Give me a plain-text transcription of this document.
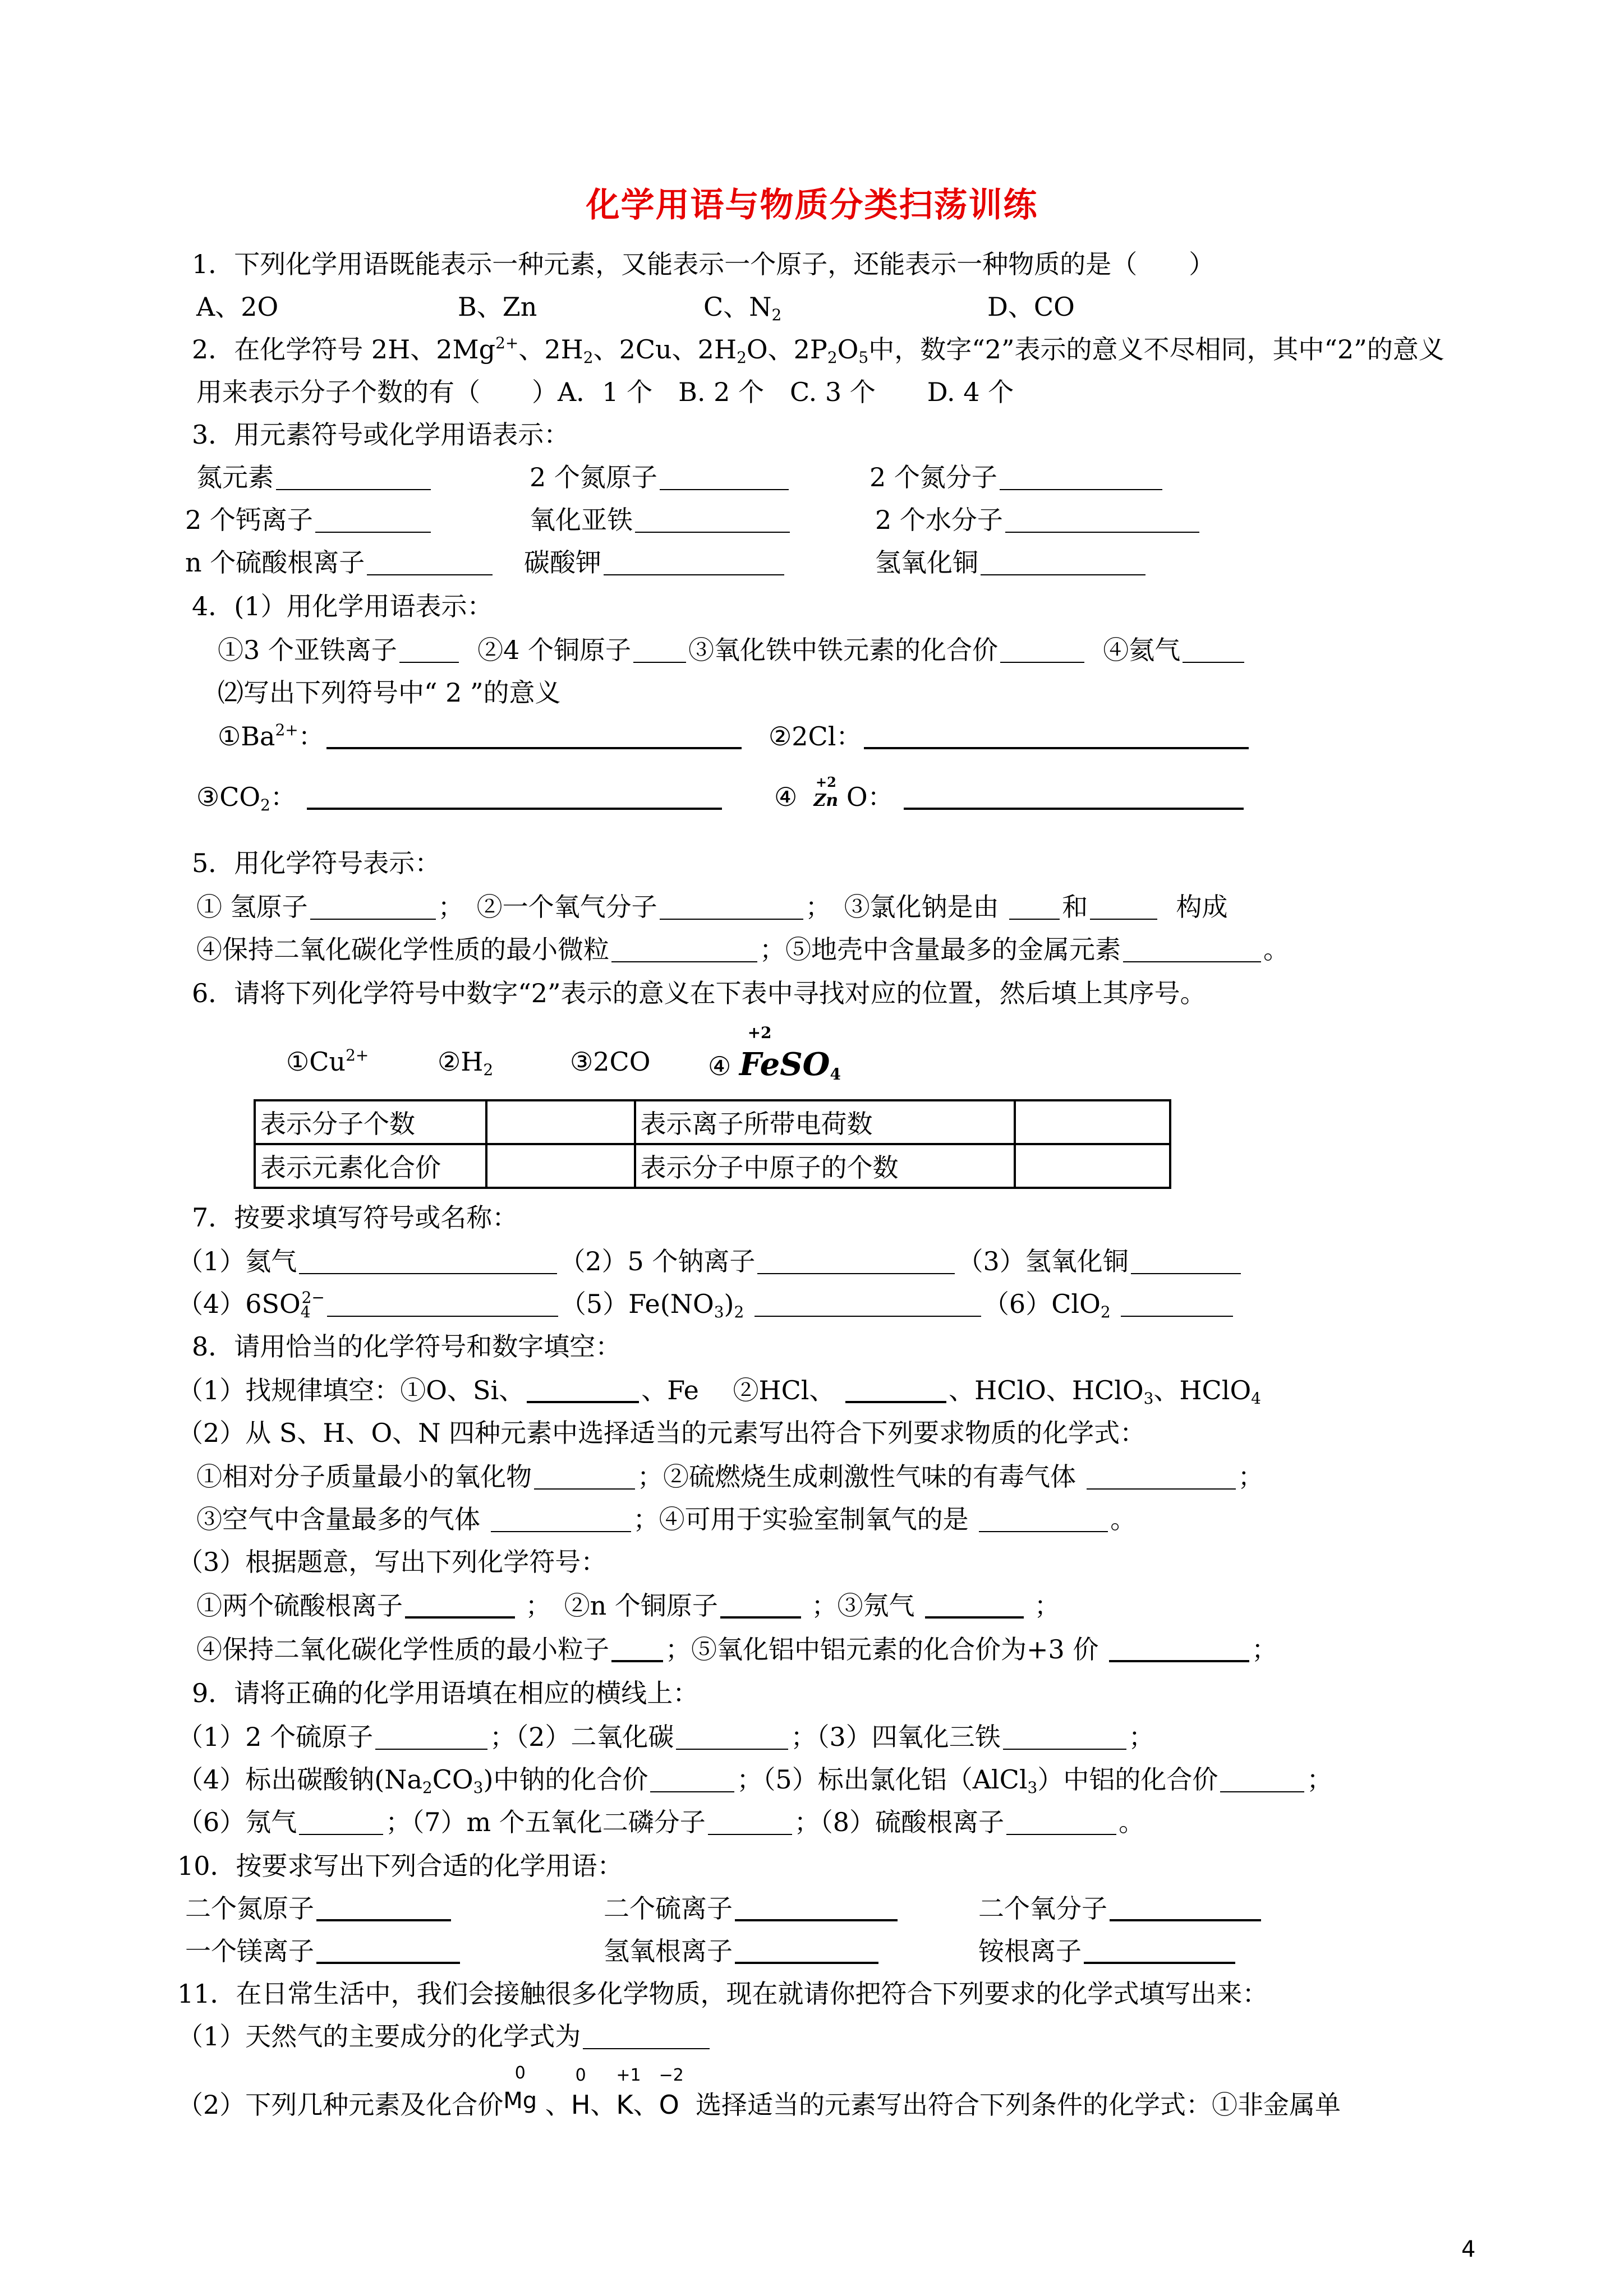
化学用语与物质分类扫荡训练
1．下列化学用语既能表示一种元素，又能表示一个原子，还能表示一种物质的是（　　）
A、2O	B、Zn	C、$N_2$	D、CO
2．在化学符号 2H、$2Mg^{2+}$、$2H_2$、2Cu、$2H_2O$、$2P_2O_5$中，数字“2”表示的意义不尽相同，其中“2”的意义
用来表示分子个数的有（　　）A．1 个　B. 2 个　C. 3 个　　D. 4 个
3．用元素符号或化学用语表示：
氮元素	2 个氮原子	2 个氮分子
2 个钙离子	氧化亚铁	2 个水分子
n 个硫酸根离子	碳酸钾	氢氧化铜
4．(1）用化学用语表示：
①3 个亚铁离子	②4 个铜原子 ③氧化铁中铁元素的化合价	④氦气
⑵写出下列符号中“ 2 ”的意义
$①Ba^{2+}$：	②2Cl：
$③CO_2$：	④ +2
Zn O：
5．用化学符号表示：
① 氢原子	；　②一个氧气分子	；　③氯化钠是由 和	构成
④保持二氧化碳化学性质的最小微粒	；⑤地壳中含量最多的金属元素	。
6．请将下列化学符号中数字“2”表示的意义在下表中寻找对应的位置，然后填上其序号。
$①Cu^{2+}$	$②H_2$	③2CO ④
+2
FeSO$_4$
表示分子个数		表示离子所带电荷数	
表示元素化合价		表示分子中原子的个数	
7．按要求填写符号或名称：
（1）氦气	（2）5 个钠离子	（3）氢氧化铜
$(4)6SO_4^{2-}$	$(5)Fe(NO_3)_2$	（6）ClO$_2$
8．请用恰当的化学符号和数字填空：
（1）找规律填空：①O、Si、	、Fe　 ②HCl、	、HClO、HClO$_3$、HClO$_4$
（2）从 S、H、O、N 四种元素中选择适当的元素写出符合下列要求物质的化学式：
①相对分子质量最小的氧化物	；②硫燃烧生成刺激性气味的有毒气体	；
③空气中含量最多的气体	；④可用于实验室制氧气的是	。
（3）根据题意，写出下列化学符号：
①两个硫酸根离子	；　②n 个铜原子	；③氖气	；
④保持二氧化碳化学性质的最小粒子 ；⑤氧化铝中铝元素的化合价为+3 价	；
9．请将正确的化学用语填在相应的横线上：
（1）2 个硫原子	；（2）二氧化碳	；（3）四氧化三铁	；
（4）标出碳酸钠$(Na_2CO_3)$中钠的化合价	；（5）标出氯化铝（AlCl$_3$）中铝的化合价	；
（6）氖气	；（7）m 个五氧化二磷分子	；（8）硫酸根离子	。
10．按要求写出下列合适的化学用语：
二个氮原子	二个硫离子	二个氧分子
一个镁离子	氢氧根离子	铵根离子
11．在日常生活中，我们会接触很多化学物质，现在就请你把符合下列要求的化学式填写出来：
（1）天然气的主要成分的化学式为
（2）下列几种元素及化合价
0
Mg 、
0
H、
+1
K、
−2
O 选择适当的元素写出符合下列条件的化学式：①非金属单
4
